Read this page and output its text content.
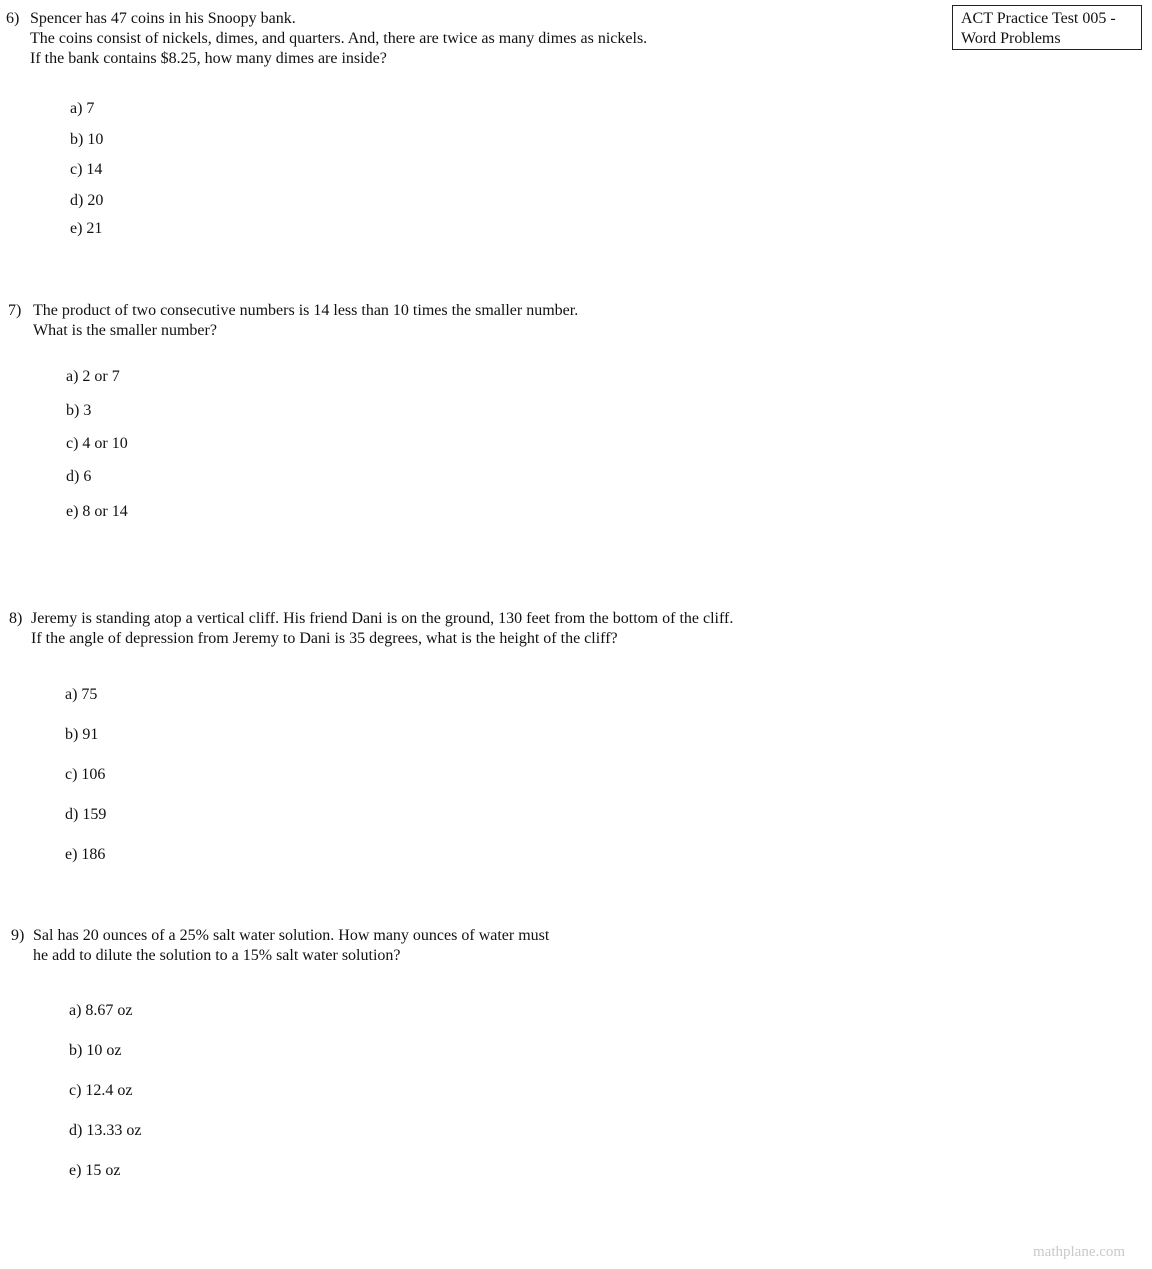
ACT Practice Test 005 -
Word Problems
6) Spencer has 47 coins in his Snoopy bank.
The coins consist of nickels, dimes, and quarters. And, there are twice as many dimes as nickels.
If the bank contains $8.25, how many dimes are inside?
a) 7
b) 10
c) 14
d) 20
e) 21
7) The product of two consecutive numbers is 14 less than 10 times the smaller number.
What is the smaller number?
a) 2 or 7
b) 3
c) 4 or 10
d) 6
e) 8 or 14
8) Jeremy is standing atop a vertical cliff. His friend Dani is on the ground, 130 feet from the bottom of the cliff.
If the angle of depression from Jeremy to Dani is 35 degrees, what is the height of the cliff?
a) 75
b) 91
c) 106
d) 159
e) 186
9) Sal has 20 ounces of a 25% salt water solution. How many ounces of water must
he add to dilute the solution to a 15% salt water solution?
a) 8.67 oz
b) 10 oz
c) 12.4 oz
d) 13.33 oz
e) 15 oz
mathplane.com
